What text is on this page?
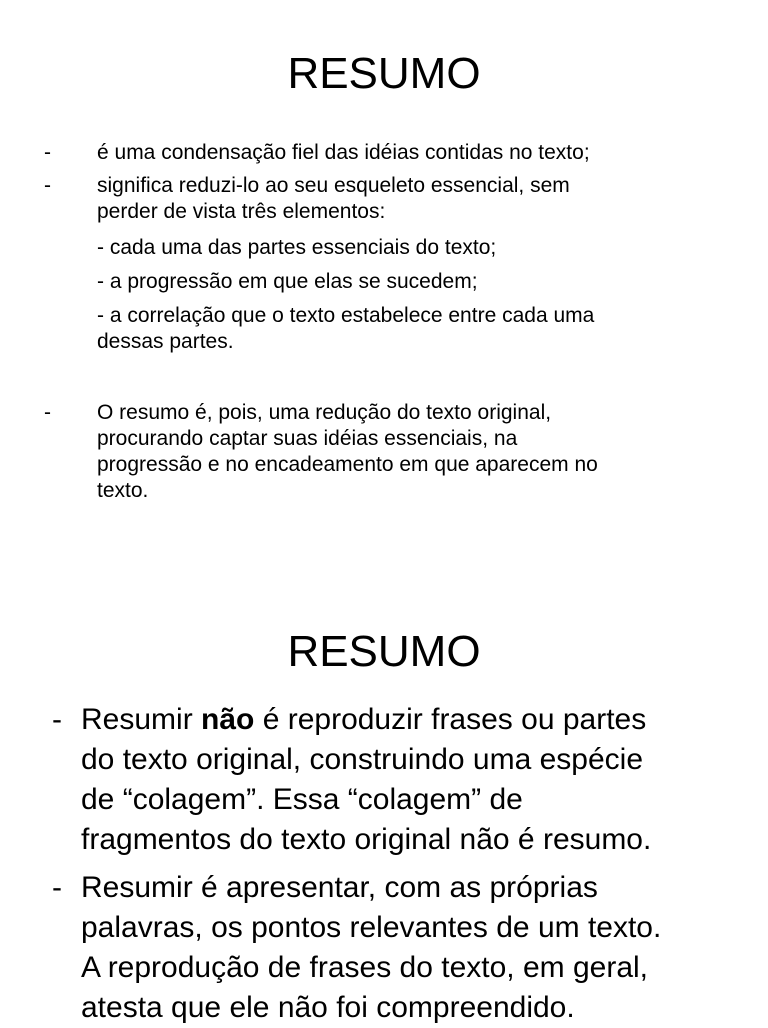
RESUMO
- é uma condensação fiel das idéias contidas no texto;
- significa reduzi-lo ao seu esqueleto essencial, sem
perder de vista três elementos:
- cada uma das partes essenciais do texto;
- a progressão em que elas se sucedem;
- a correlação que o texto estabelece entre cada uma
dessas partes.
- O resumo é, pois, uma redução do texto original,
procurando captar suas idéias essenciais, na
progressão e no encadeamento em que aparecem no
texto.
RESUMO
- Resumir não é reproduzir frases ou partes
do texto original, construindo uma espécie
de “colagem”. Essa “colagem” de
fragmentos do texto original não é resumo.
- Resumir é apresentar, com as próprias
palavras, os pontos relevantes de um texto.
A reprodução de frases do texto, em geral,
atesta que ele não foi compreendido.
